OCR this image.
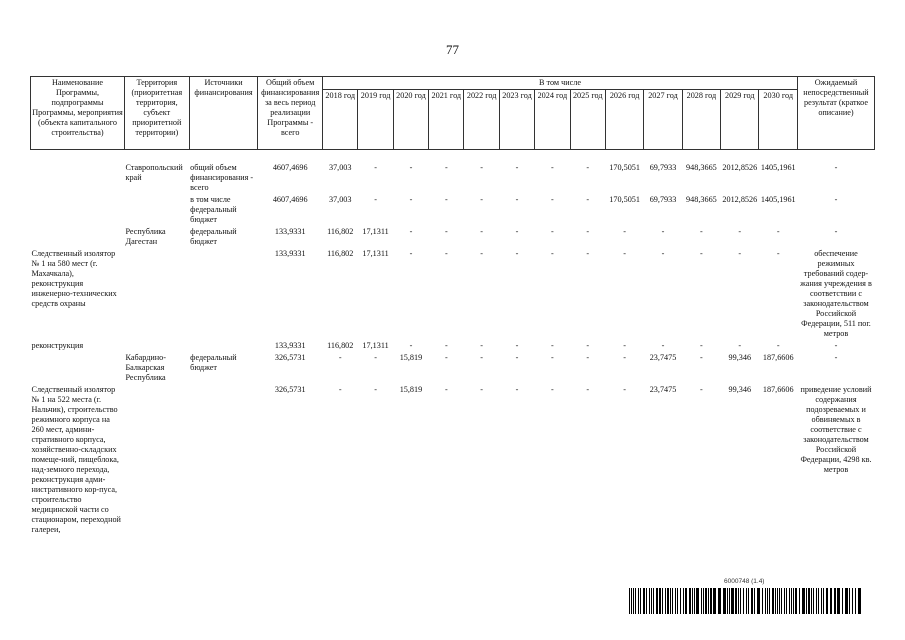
77
Наименование Программы, подпрограммы Программы, мероприятия (объекта капитального строительства)	Территория (приоритетная территория, субъект приоритетной территории)	Источники финансирования	Общий объем финансирования за весь период реализации Программы - всего	В том числе													Ожидаемый непосредственный результат (краткое описание)
				2018 год	2019 год	2020 год	2021 год	2022 год	2023 год	2024 год	2025 год	2026 год	2027 год	2028 год	2029 год	2030 год	

	Ставропольский край	общий объем финансирования - всего	4607,4696	37,003	-	-	-	-	-	-	-	170,5051	69,7933	948,3665	2012,8526	1405,1961	-
		в том числе федеральный бюджет	4607,4696	37,003	-	-	-	-	-	-	-	170,5051	69,7933	948,3665	2012,8526	1405,1961	-
	Республика Дагестан	федеральный бюджет	133,9331	116,802	17,1311	-	-	-	-	-	-	-	-	-	-	-	-
Следственный изолятор № 1 на 580 мест (г. Махачкала), реконструкция инженерно-технических средств охраны			133,9331	116,802	17,1311	-	-	-	-	-	-	-	-	-	-	-	обеспечение режимных требований содер-жания учреждения в соответствии с законодательством Российской Федерации, 511 пог. метров
реконструкция			133,9331	116,802	17,1311	-	-	-	-	-	-	-	-	-	-	-	-
	Кабардино-Балкарская Республика	федеральный бюджет	326,5731	-	-	15,819	-	-	-	-	-	-	23,7475	-	99,346	187,6606	-
Следственный изолятор № 1 на 522 места (г. Нальчик), строительство режимного корпуса на 260 мест, админи-стративного корпуса, хозяйственно-складских помеще-ний, пищеблока, над-земного перехода, реконструкция адми-нистративного кор-пуса, строительство медицинской части со стационаром, переходной галереи,			326,5731	-	-	15,819	-	-	-	-	-	-	23,7475	-	99,346	187,6606	приведение условий содержания подозреваемых и обвиняемых в соответствие с законодательством Российской Федерации, 4298 кв. метров
6000748 (1.4)
